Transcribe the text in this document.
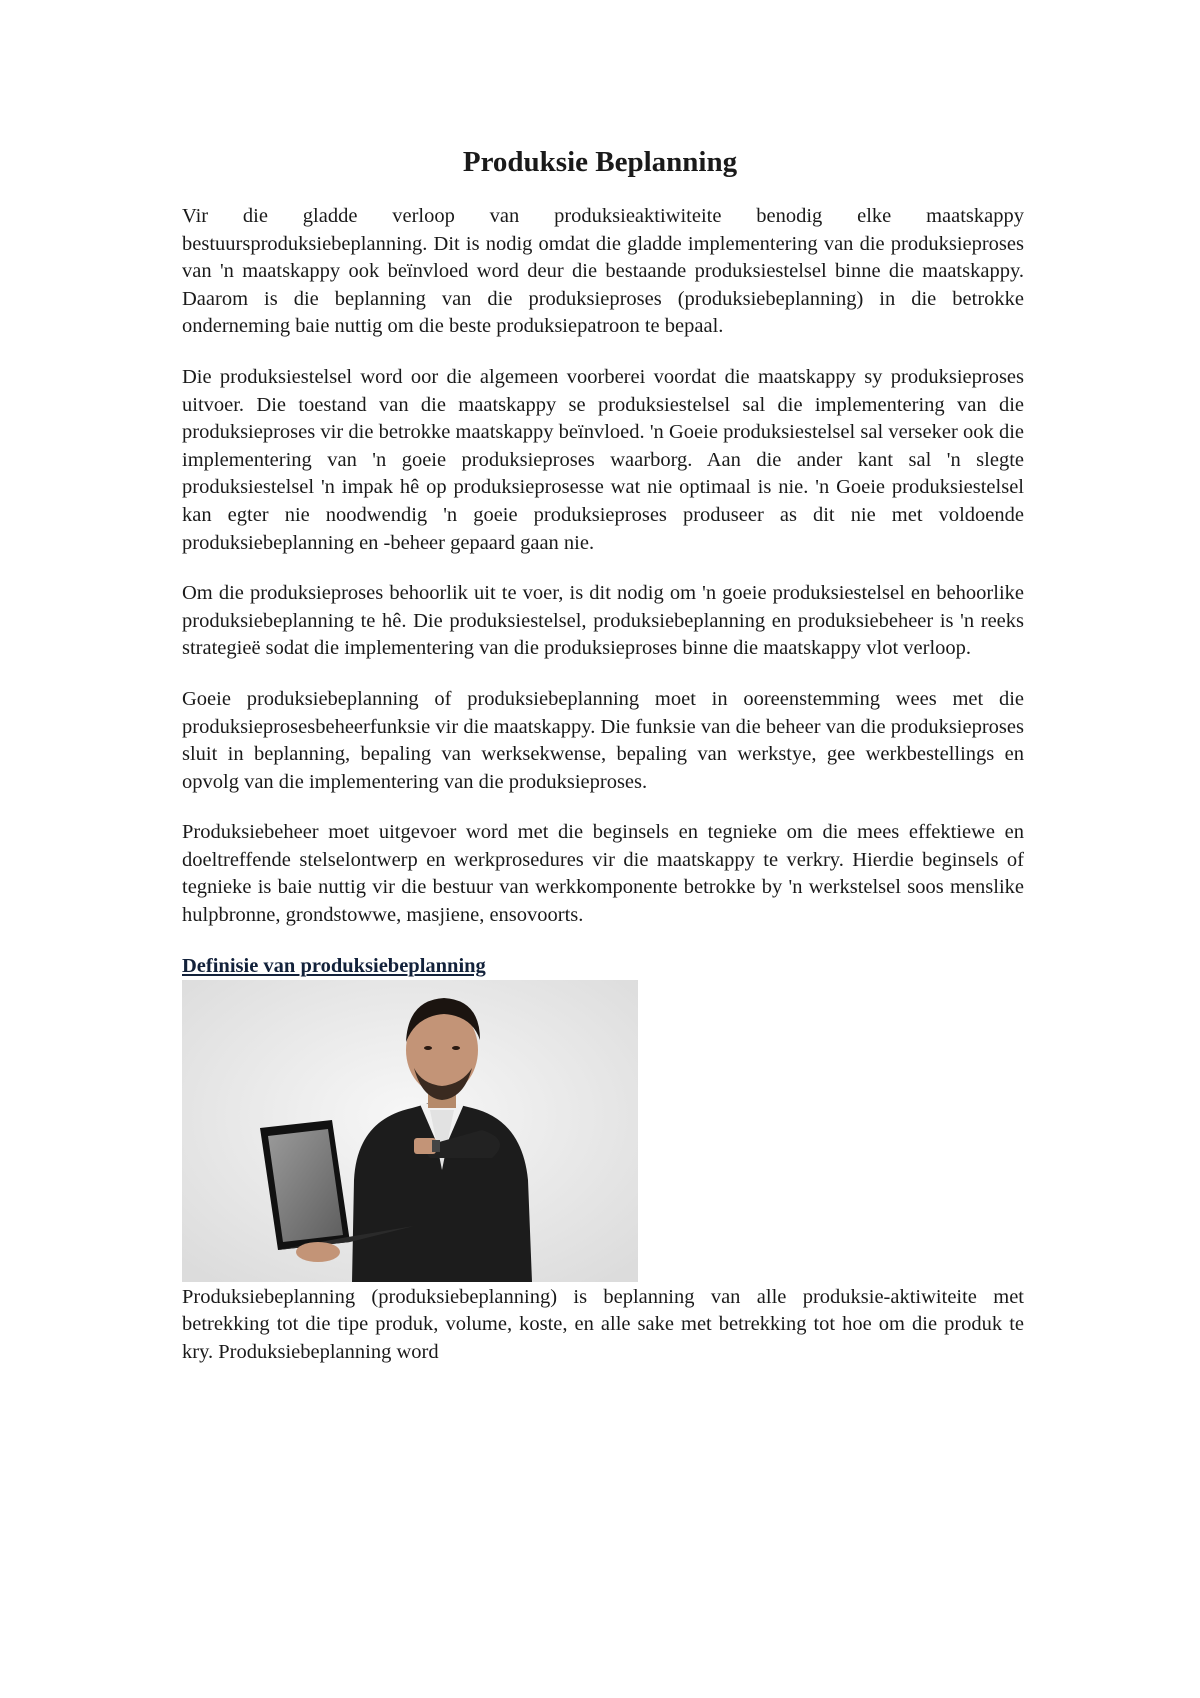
Produksie Beplanning

Vir die gladde verloop van produksieaktiwiteite benodig elke maatskappy bestuursproduksiebeplanning. Dit is nodig omdat die gladde implementering van die produksieproses van 'n maatskappy ook beïnvloed word deur die bestaande produksiestelsel binne die maatskappy. Daarom is die beplanning van die produksieproses (produksiebeplanning) in die betrokke onderneming baie nuttig om die beste produksiepatroon te bepaal.

Die produksiestelsel word oor die algemeen voorberei voordat die maatskappy sy produksieproses uitvoer. Die toestand van die maatskappy se produksiestelsel sal die implementering van die produksieproses vir die betrokke maatskappy beïnvloed. 'n Goeie produksiestelsel sal verseker ook die implementering van 'n goeie produksieproses waarborg. Aan die ander kant sal 'n slegte produksiestelsel 'n impak hê op produksieprosesse wat nie optimaal is nie. 'n Goeie produksiestelsel kan egter nie noodwendig 'n goeie produksieproses produseer as dit nie met voldoende produksiebeplanning en -beheer gepaard gaan nie.

Om die produksieproses behoorlik uit te voer, is dit nodig om 'n goeie produksiestelsel en behoorlike produksiebeplanning te hê. Die produksiestelsel, produksiebeplanning en produksiebeheer is 'n reeks strategieë sodat die implementering van die produksieproses binne die maatskappy vlot verloop.

Goeie produksiebeplanning of produksiebeplanning moet in ooreenstemming wees met die produksieprosesbeheerfunksie vir die maatskappy. Die funksie van die beheer van die produksieproses sluit in beplanning, bepaling van werksekwense, bepaling van werkstye, gee werkbestellings en opvolg van die implementering van die produksieproses.

Produksiebeheer moet uitgevoer word met die beginsels en tegnieke om die mees effektiewe en doeltreffende stelselontwerp en werkprosedures vir die maatskappy te verkry. Hierdie beginsels of tegnieke is baie nuttig vir die bestuur van werkkomponente betrokke by 'n werkstelsel soos menslike hulpbronne, grondstowwe, masjiene, ensovoorts.

Definisie van produksiebeplanning

Produksiebeplanning (produksiebeplanning) is beplanning van alle produksie-aktiwiteite met betrekking tot die tipe produk, volume, koste, en alle sake met betrekking tot hoe om die produk te kry. Produksiebeplanning word
